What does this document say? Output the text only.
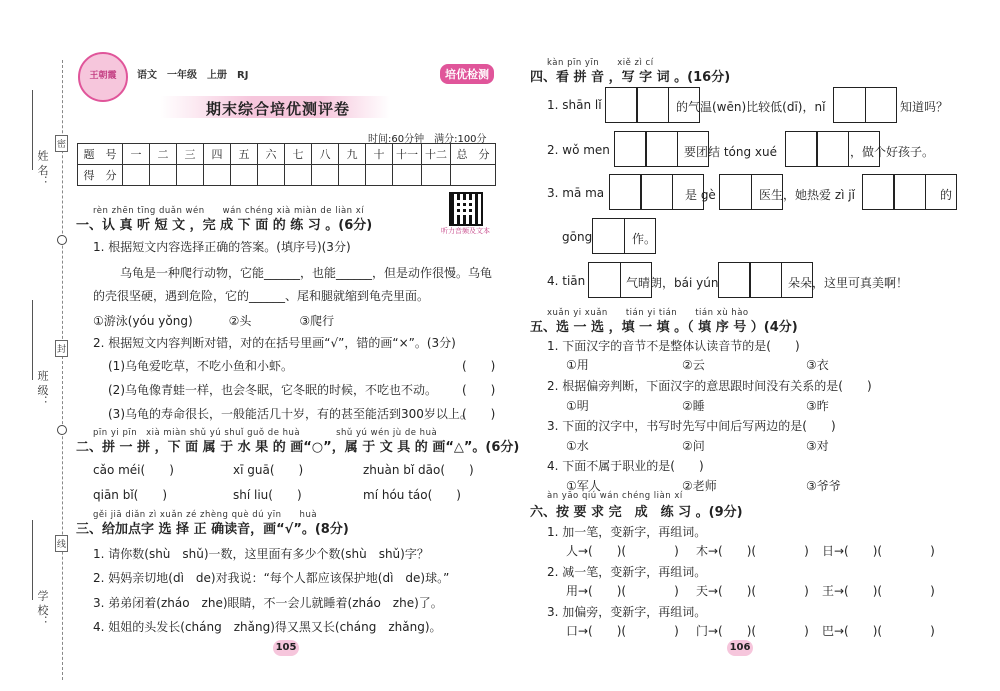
姓 名：
班 级：
学 校：
密
封
线
王朝霞	语文　一年级　上册　RJ
期末综合培优测评卷
培优检测
时间:60分钟　满分:100分
题　号	一	二	三	四	五	六	七	八	九	十	十一	十二	总　分
得　分													
听力音频及文本
rèn zhēn tīng duǎn wén　　wán chéng xià miàn de liàn xí
一、认 真 听 短 文 ，完 成 下 面 的 练 习 。(6分)
1. 根据短文内容选择正确的答案。(填序号)(3分)
乌龟是一种爬行动物，它能______，也能______，但是动作很慢。乌龟
的壳很坚硬，遇到危险，它的______、尾和腿就缩到龟壳里面。
①游泳(yóu yǒng)　　　②头　　　　③爬行
2. 根据短文内容判断对错，对的在括号里画“√”，错的画“×”。(3分)
(1)乌龟爱吃草，不吃小鱼和小虾。	(　　)
(2)乌龟像青蛙一样，也会冬眠，它冬眠的时候，不吃也不动。 (　　)
(3)乌龟的寿命很长，一般能活几十岁，有的甚至能活到300岁以上。
(　　)
pīn yi pīn　xià miàn shǔ yú shuǐ guǒ de huà　　　　shǔ yú wén jù de huà
二、拼 一 拼 ，下 面 属 于 水 果 的 画“○”，属 于 文 具 的 画“△”。(6分)
cǎo méi(　　)	xī guā(　　)	zhuàn bǐ dāo(　　)
qiān bǐ(　　)	shí liu(　　)	mí hóu táo(　　)
gěi jiā diǎn zì xuǎn zé zhèng què dú yīn　　huà
三、给加点字 选 择 正 确读音，画“√”。(8分)
1. 请你数(shù　shǔ)一数，这里面有多少个数(shù　shǔ)字？
2. 妈妈亲切地(dì　de)对我说：“每个人都应该保护地(dì　de)球。”
3. 弟弟闭着(zháo　zhe)眼睛，不一会儿就睡着(zháo　zhe)了。
4. 姐姐的头发长(cháng　zhǎng)得又黑又长(cháng　zhǎng)。
105
kàn pīn yīn　　xiě zì cí
四、看 拼 音 ，写 字 词 。(16分)
1. shān lǐ	的气温(wēn)比较低(dī)，nǐ	知道吗？
2. wǒ men	要团结 tóng xué	，做个好孩子。
3. mā ma	是 gè	医生，她热爱 zì jǐ	的
gōng	作。
4. tiān	气晴朗，bái yún	朵朵，这里可真美啊！
xuǎn yi xuǎn　　tián yi tián　　tián xù hào
五、选 一 选 ，填 一 填 。（ 填 序 号 ）(4分)
1. 下面汉字的音节不是整体认读音节的是(　　)
①用	②云	③衣
2. 根据偏旁判断，下面汉字的意思跟时间没有关系的是(　　)
①明	②睡	③昨
3. 下面的汉字中，书写时先写中间后写两边的是(　　)
①水	②问	③对
4. 下面不属于职业的是(　　)
①军人	②老师	③爷爷
àn yāo qiú wán chéng liàn xí
六、按 要 求 完　成　练 习 。(9分)
1. 加一笔，变新字，再组词。
人→(　　)(　　　　) 木→(　　)(　　　　) 日→(　　)(　　　　)
2. 减一笔，变新字，再组词。
用→(　　)(　　　　) 天→(　　)(　　　　) 王→(　　)(　　　　)
3. 加偏旁，变新字，再组词。
口→(　　)(　　　　) 门→(　　)(　　　　) 巴→(　　)(　　　　)
106
